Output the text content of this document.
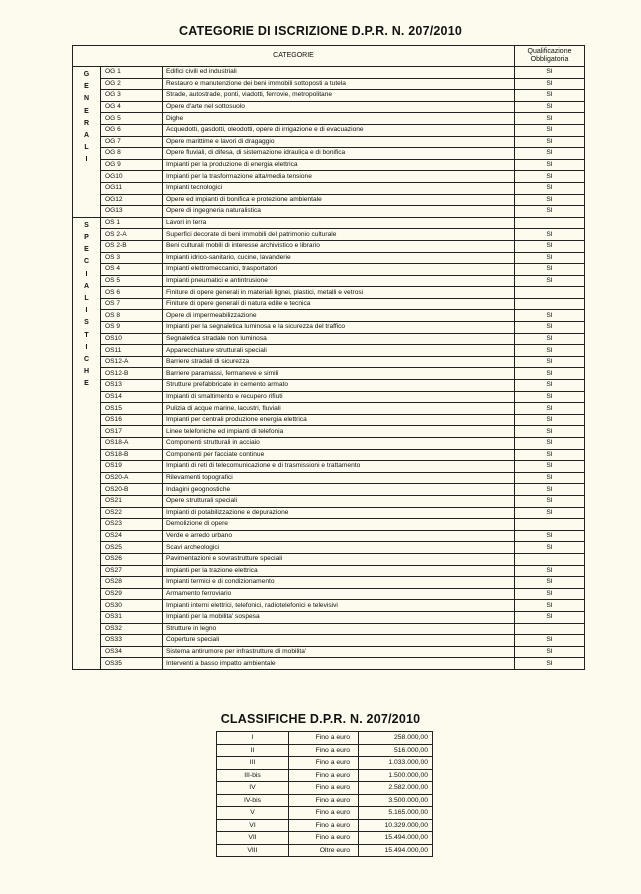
CATEGORIE DI ISCRIZIONE D.P.R. N. 207/2010
CATEGORIE			Qualificazione Obbligatoria
G E N E R A L I	OG 1	Edifici civili ed industriali	SI
	OG 2	Restauro e manutenzione dei beni immobili sottoposti a tutela	SI
	OG 3	Strade, autostrade, ponti, viadotti, ferrovie, metropolitane	SI
	OG 4	Opere d'arte nel sottosuolo	SI
	OG 5	Dighe	SI
	OG 6	Acquedotti, gasdotti, oleodotti, opere di irrigazione e di evacuazione	SI
	OG 7	Opere marittime e lavori di dragaggio	SI
	OG 8	Opere fluviali, di difesa, di sistemazione idraulica e di bonifica	SI
	OG 9	Impianti per la produzione di energia elettrica	SI
	OG10	Impianti per la trasformazione alta/media tensione	SI
	OG11	Impianti tecnologici	SI
	OG12	Opere ed impianti di bonifica e protezione ambientale	SI
	OG13	Opere di ingegneria naturalistica	SI
S P E C I A L I S T I C H E	OS 1	Lavori in terra	
	OS 2-A	Superfici decorate di beni immobili del patrimonio culturale	SI
	OS 2-B	Beni culturali mobili di interesse archivistico e librario	SI
	OS 3	Impianti idrico-sanitario, cucine, lavanderie	SI
	OS 4	Impianti elettromeccanici, trasportatori	SI
	OS 5	Impianti pneumatici e antintrusione	SI
	OS 6	Finiture di opere generali in materiali lignei, plastici, metalli e vetrosi	
	OS 7	Finiture di opere generali di natura edile e tecnica	
	OS 8	Opere di impermeabilizzazione	SI
	OS 9	Impianti per la segnaletica luminosa e la sicurezza del traffico	SI
	OS10	Segnaletica stradale non luminosa	SI
	OS11	Apparecchiature strutturali speciali	SI
	OS12-A	Barriere stradali di sicurezza	SI
	OS12-B	Barriere paramassi, fermaneve e simili	SI
	OS13	Strutture prefabbricate in cemento armato	SI
	OS14	Impianti di smaltimento e recupero rifiuti	SI
	OS15	Pulizia di acque marine, lacustri, fluviali	SI
	OS16	Impianti per centrali produzione energia elettrica	SI
	OS17	Linee telefoniche ed impianti di telefonia	SI
	OS18-A	Componenti strutturali in acciaio	SI
	OS18-B	Componenti per facciate continue	SI
	OS19	Impianti di reti di telecomunicazione e di trasmissioni e trattamento	SI
	OS20-A	Rilevamenti topografici	SI
	OS20-B	Indagini geognostiche	SI
	OS21	Opere strutturali speciali	SI
	OS22	Impianti di potabilizzazione e depurazione	SI
	OS23	Demolizione di opere	
	OS24	Verde e arredo urbano	SI
	OS25	Scavi archeologici	SI
	OS26	Pavimentazioni e sovrastrutture speciali	
	OS27	Impianti per la trazione elettrica	SI
	OS28	Impianti termici e di condizionamento	SI
	OS29	Armamento ferroviario	SI
	OS30	Impianti interni elettrici, telefonici, radiotelefonici e televisivi	SI
	OS31	Impianti per la mobilita' sospesa	SI
	OS32	Strutture in legno	
	OS33	Coperture speciali	SI
	OS34	Sistema antirumore per infrastrutture di mobilita'	SI
	OS35	Interventi a basso impatto ambientale	SI
CLASSIFICHE D.P.R. N. 207/2010
I	Fino a euro	258.000,00
II	Fino a euro	516.000,00
III	Fino a euro	1.033.000,00
III-bis	Fino a euro	1.500.000,00
IV	Fino a euro	2.582.000,00
IV-bis	Fino a euro	3.500.000,00
V	Fino a euro	5.165.000,00
VI	Fino a euro	10.329.000,00
VII	Fino a euro	15.494.000,00
VIII	Oltre euro	15.494.000,00
